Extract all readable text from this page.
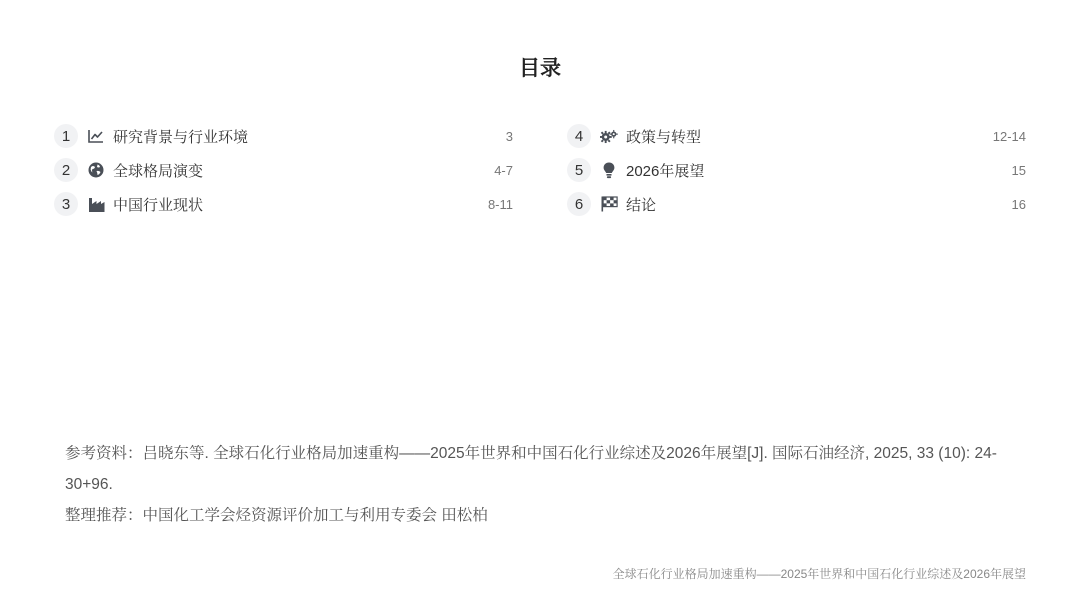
目录
1	研究背景与行业环境	3
2	全球格局演变	4-7
3	中国行业现状	8-11
4	政策与转型	12-14
5	2026年展望	15
6	结论	16
参考资料：吕晓东等. 全球石化行业格局加速重构——2025年世界和中国石化行业综述及2026年展望[J]. 国际石油经济, 2025, 33 (10): 24-30+96.
整理推荐：中国化工学会烃资源评价加工与利用专委会 田松柏
全球石化行业格局加速重构——2025年世界和中国石化行业综述及2026年展望
